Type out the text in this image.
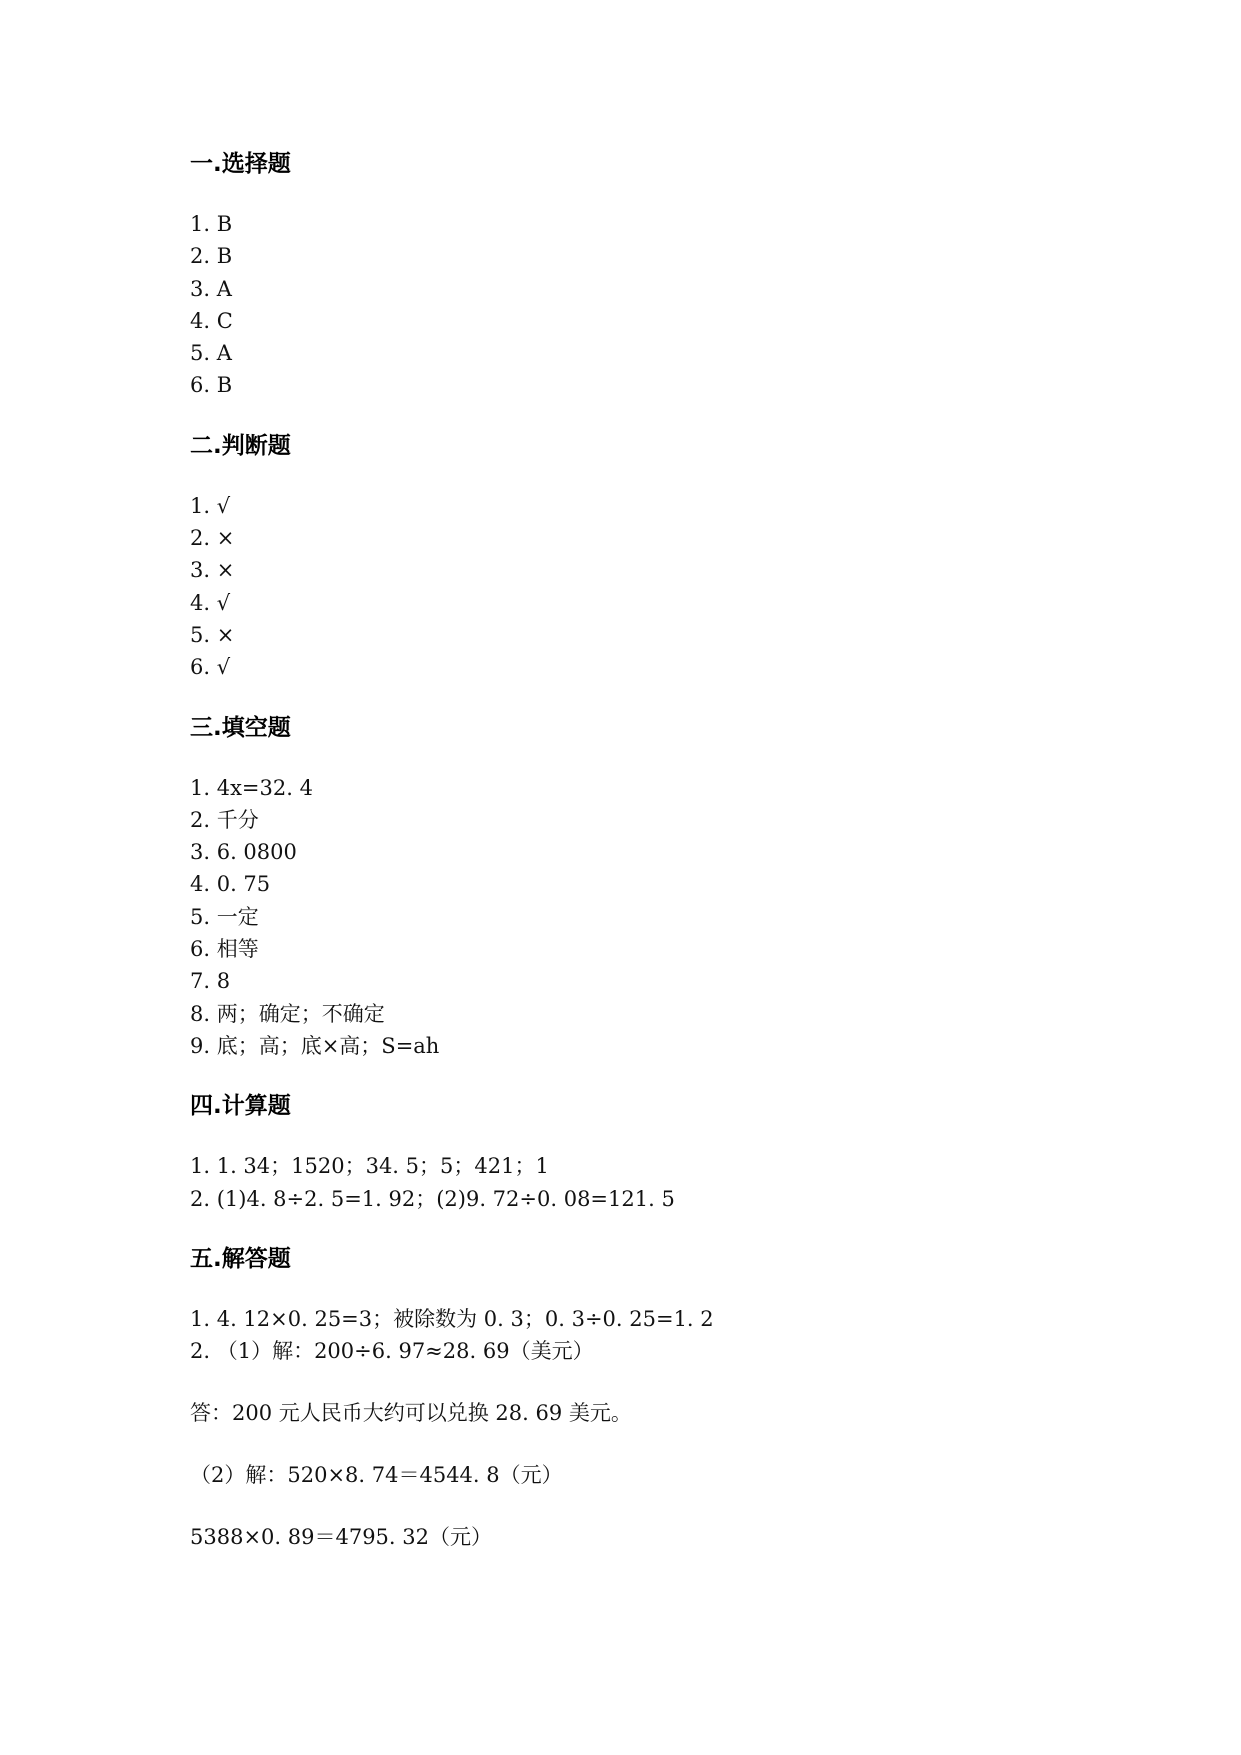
一.选择题
1. B
2. B
3. A
4. C
5. A
6. B
二.判断题
1. √
2. ×
3. ×
4. √
5. ×
6. √
三.填空题
1. 4x=32. 4
2. 千分
3. 6. 0800
4. 0. 75
5. 一定
6. 相等
7. 8
8. 两；确定；不确定
9. 底；高；底×高；S=ah
四.计算题
1. 1. 34；1520；34. 5；5；421；1
2. (1)4. 8÷2. 5=1. 92；(2)9. 72÷0. 08=121. 5
五.解答题
1. 4. 12×0. 25=3；被除数为 0. 3；0. 3÷0. 25=1. 2
2. （1）解：200÷6. 97≈28. 69（美元）
答：200 元人民币大约可以兑换 28. 69 美元。
（2）解：520×8. 74＝4544. 8（元）
5388×0. 89＝4795. 32（元）
